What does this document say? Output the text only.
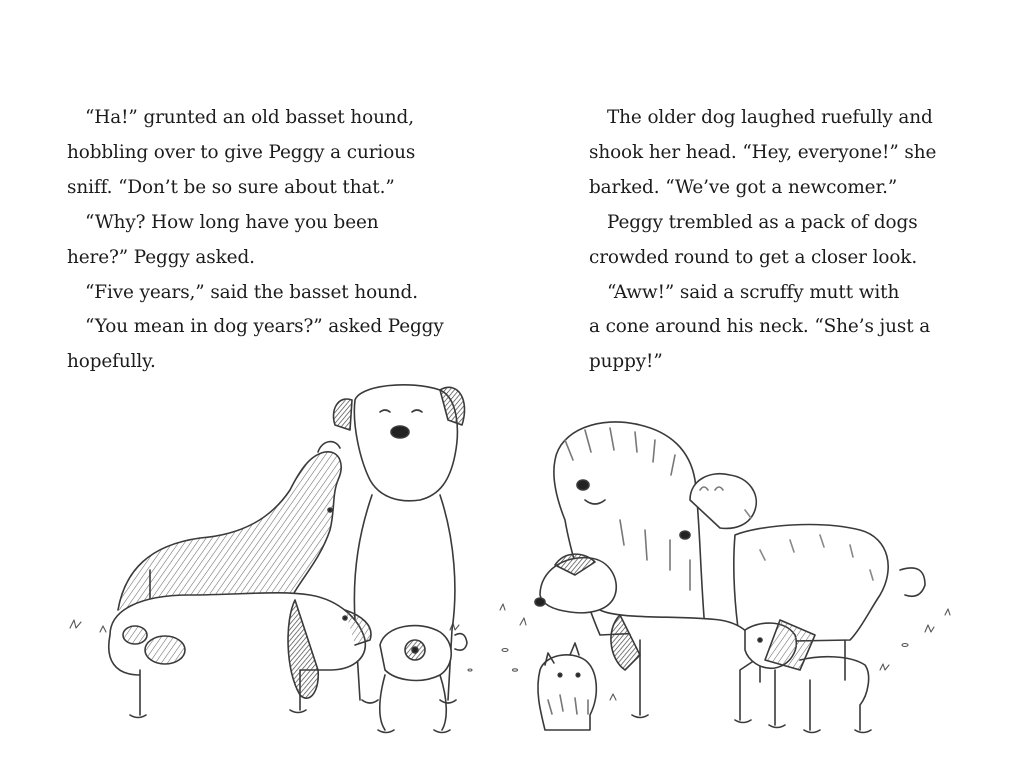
“Ha!” grunted an old basset hound,
hobbling over to give Peggy a curious
sniff. “Don’t be so sure about that.”
“Why? How long have you been
here?” Peggy asked.
“Five years,” said the basset hound.
“You mean in dog years?” asked Peggy
hopefully.
The older dog laughed ruefully and
shook her head. “Hey, everyone!” she
barked. “We’ve got a newcomer.”
Peggy trembled as a pack of dogs
crowded round to get a closer look.
“Aww!” said a scruffy mutt with
a cone around his neck. “She’s just a
puppy!”
